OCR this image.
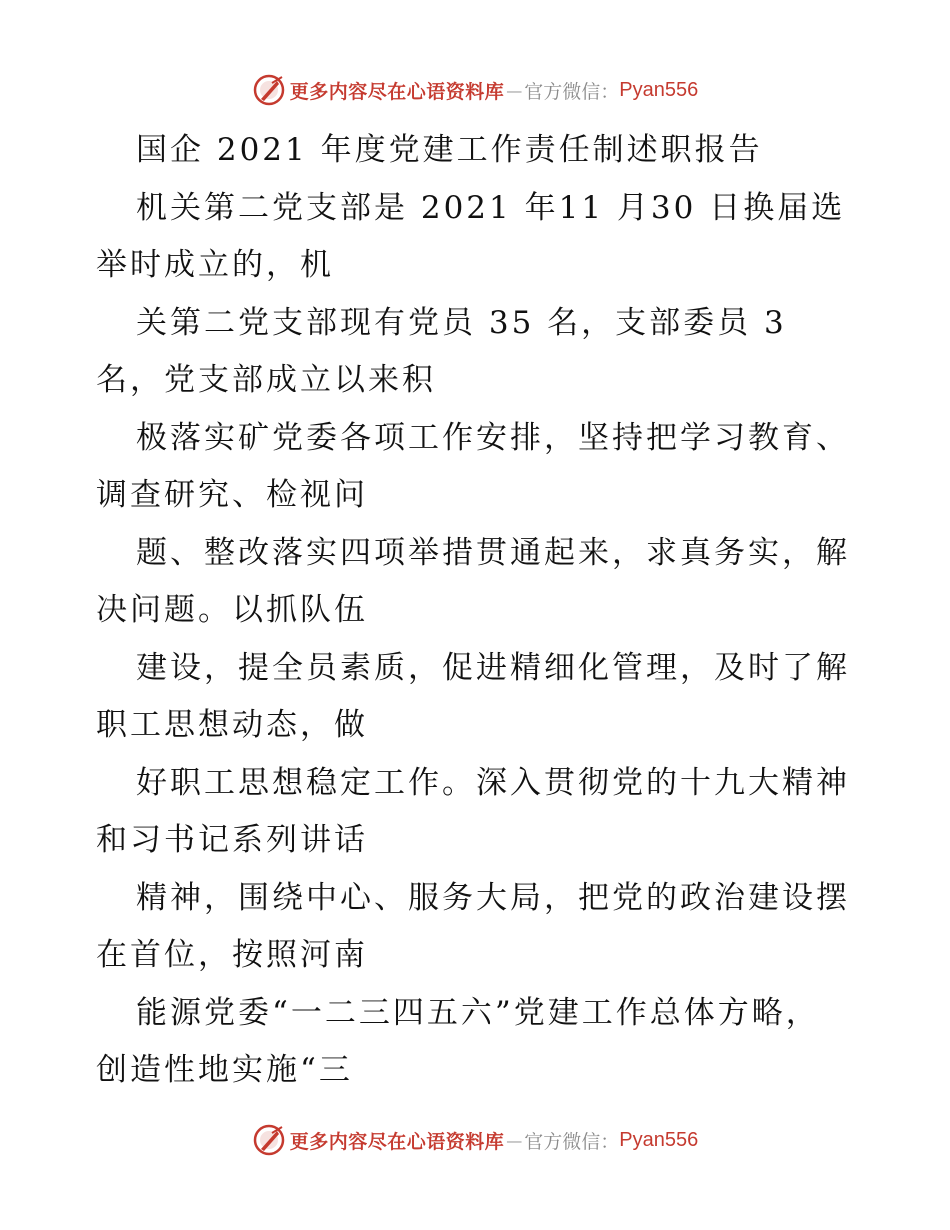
更多内容尽在心语资料库 — 官方微信： Pyan556

国企 2021 年度党建工作责任制述职报告

机关第二党支部是 2021 年11 月30 日换届选

举时成立的，机

关第二党支部现有党员 35 名，支部委员 3

名，党支部成立以来积

极落实矿党委各项工作安排，坚持把学习教育、

调查研究、检视问

题、整改落实四项举措贯通起来，求真务实，解

决问题。以抓队伍

建设，提全员素质，促进精细化管理，及时了解

职工思想动态，做

好职工思想稳定工作。深入贯彻党的十九大精神

和习书记系列讲话

精神，围绕中心、服务大局，把党的政治建设摆

在首位，按照河南

能源党委“一二三四五六”党建工作总体方略，

创造性地实施“三

更多内容尽在心语资料库 — 官方微信： Pyan556
